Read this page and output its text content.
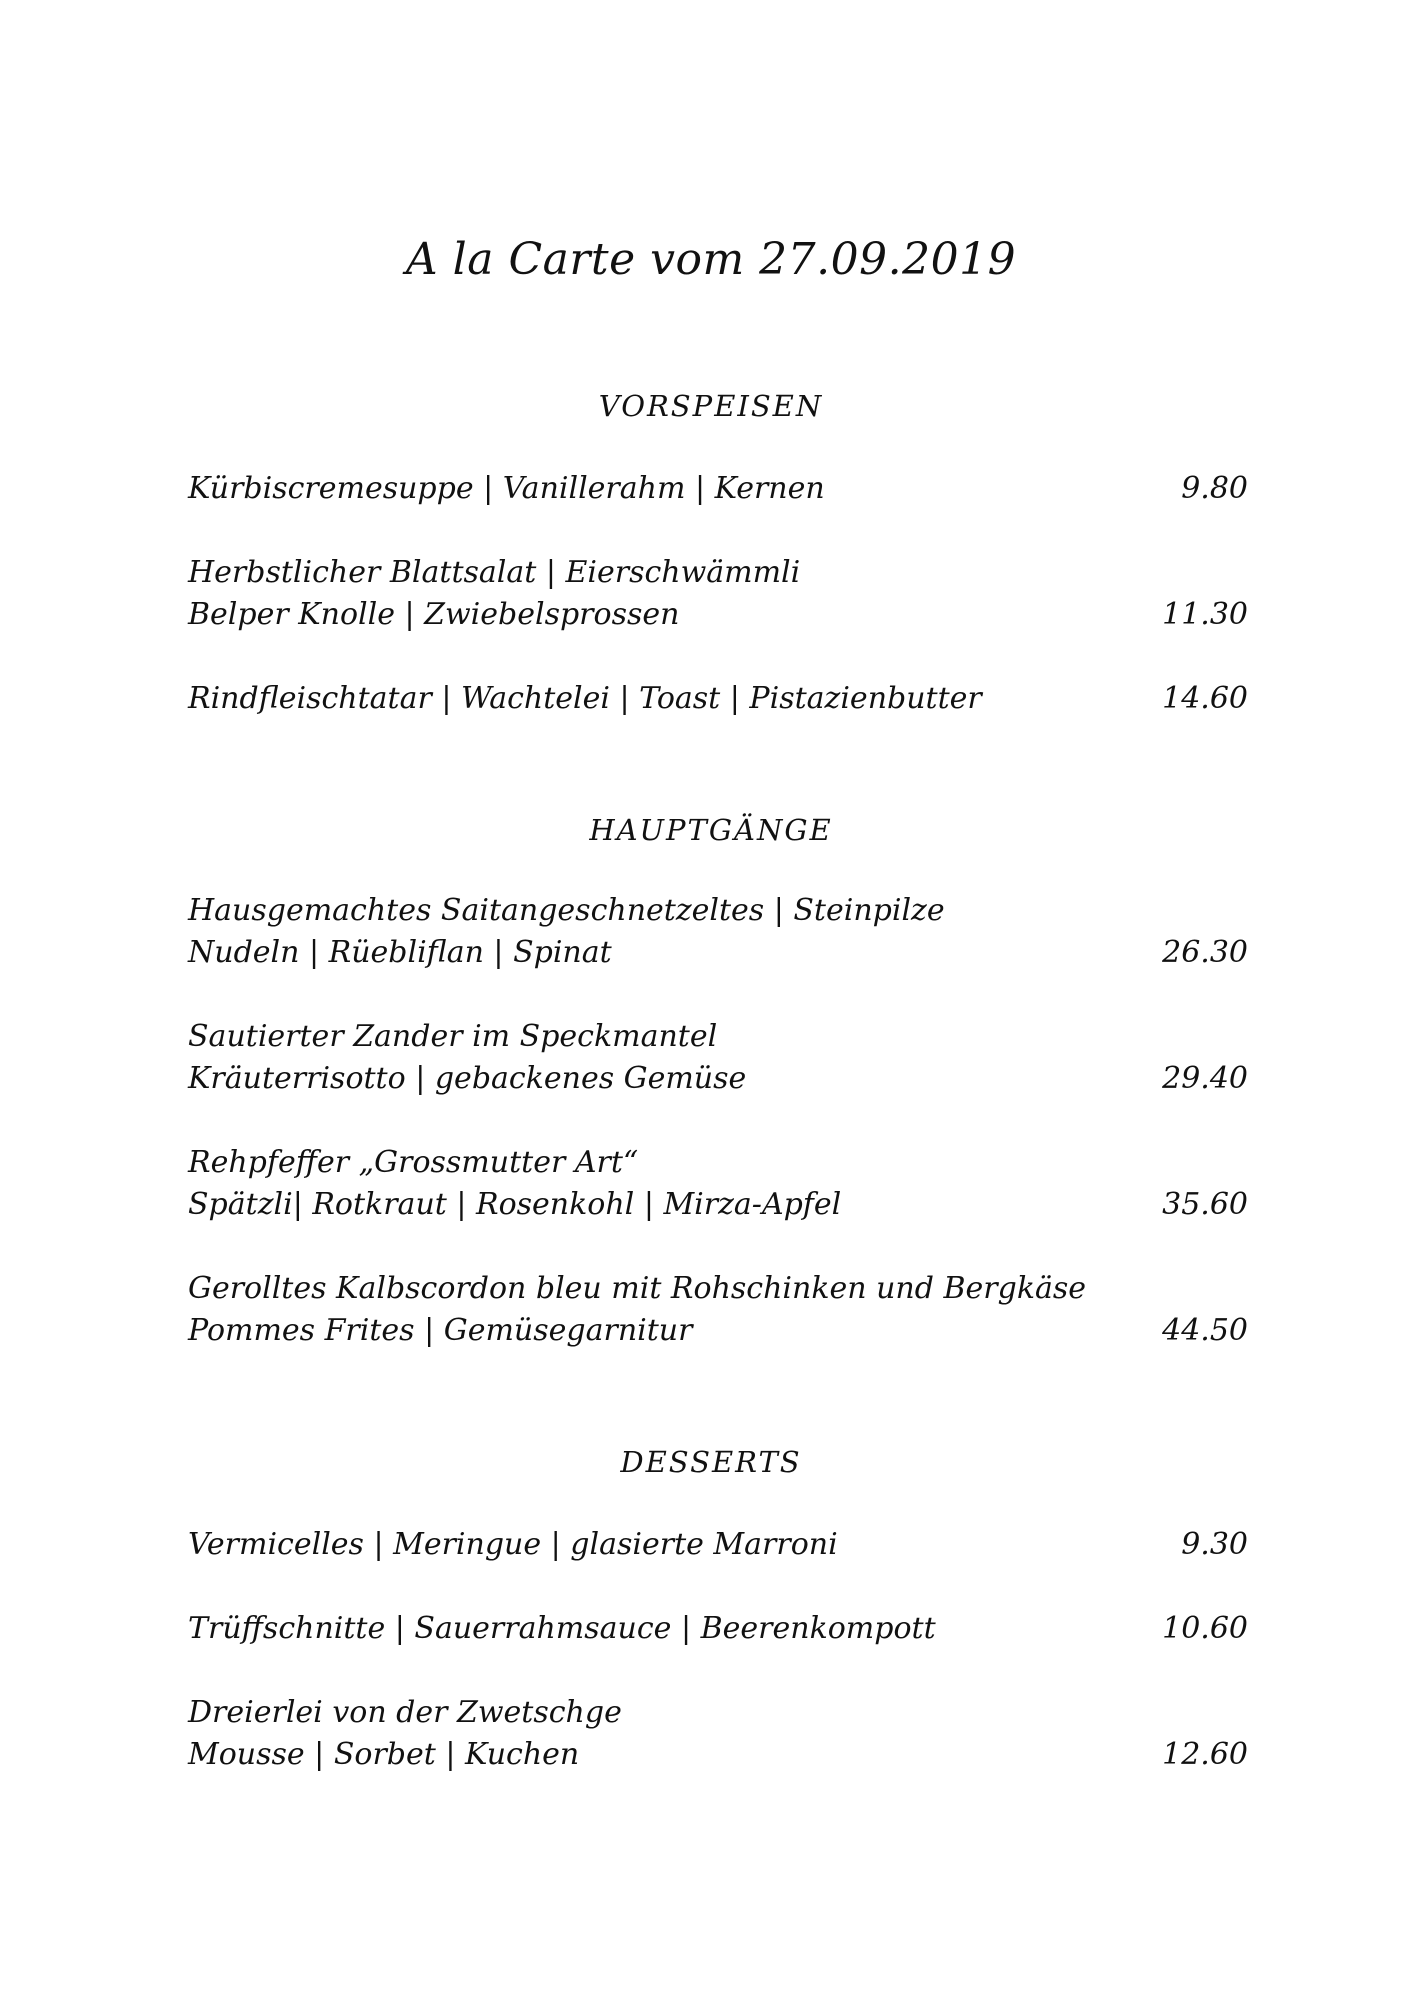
A la Carte vom 27.09.2019
VORSPEISEN
Kürbiscremesuppe | Vanillerahm | Kernen	9.80
Herbstlicher Blattsalat | Eierschwämmli
Belper Knolle | Zwiebelsprossen	11.30
Rindfleischtatar | Wachtelei | Toast | Pistazienbutter	14.60
HAUPTGÄNGE
Hausgemachtes Saitangeschnetzeltes | Steinpilze
Nudeln | Rüebliflan | Spinat	26.30
Sautierter Zander im Speckmantel
Kräuterrisotto | gebackenes Gemüse	29.40
Rehpfeffer „Grossmutter Art“
Spätzli| Rotkraut | Rosenkohl | Mirza-Apfel	35.60
Gerolltes Kalbscordon bleu mit Rohschinken und Bergkäse
Pommes Frites | Gemüsegarnitur	44.50
DESSERTS
Vermicelles | Meringue | glasierte Marroni	9.30
Trüffschnitte | Sauerrahmsauce | Beerenkompott	10.60
Dreierlei von der Zwetschge
Mousse | Sorbet | Kuchen	12.60
